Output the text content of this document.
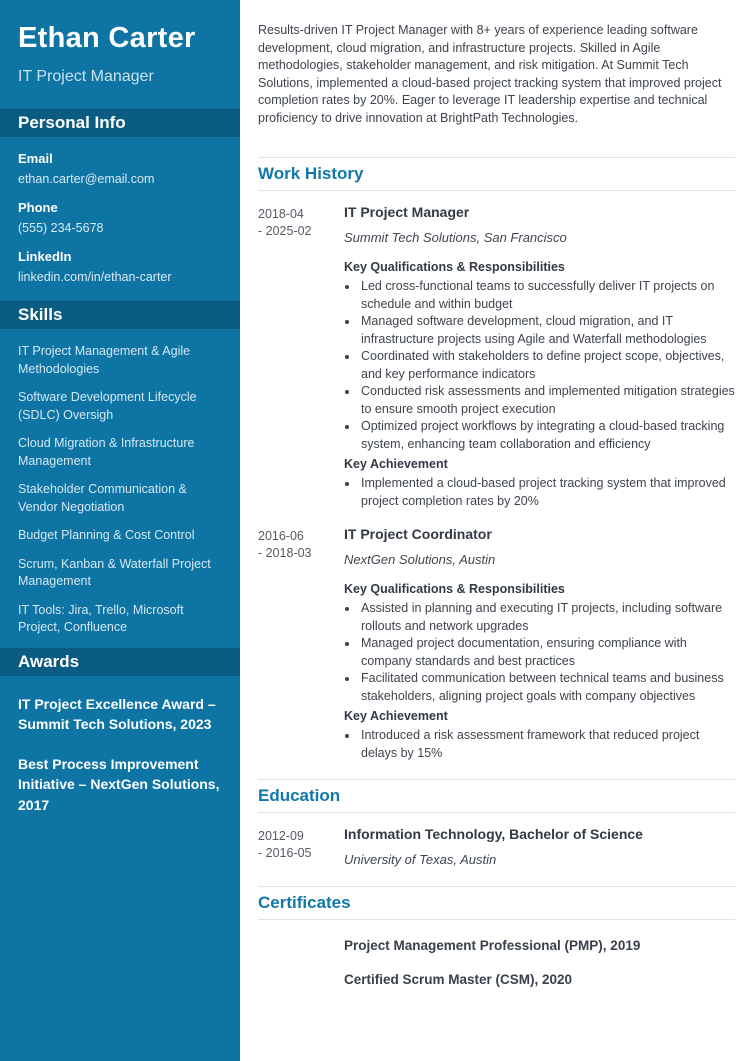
Ethan Carter
IT Project Manager
Personal Info
Email
ethan.carter@email.com
Phone
(555) 234-5678
LinkedIn
linkedin.com/in/ethan-carter
Skills
IT Project Management & Agile Methodologies
Software Development Lifecycle (SDLC) Oversigh
Cloud Migration & Infrastructure Management
Stakeholder Communication & Vendor Negotiation
Budget Planning & Cost Control
Scrum, Kanban & Waterfall Project Management
IT Tools: Jira, Trello, Microsoft Project, Confluence
Awards
IT Project Excellence Award – Summit Tech Solutions, 2023
Best Process Improvement Initiative – NextGen Solutions, 2017

Results-driven IT Project Manager with 8+ years of experience leading software development, cloud migration, and infrastructure projects. Skilled in Agile methodologies, stakeholder management, and risk mitigation. At Summit Tech Solutions, implemented a cloud-based project tracking system that improved project completion rates by 20%. Eager to leverage IT leadership expertise and technical proficiency to drive innovation at BrightPath Technologies.

Work History
2018-04
- 2025-02
IT Project Manager
Summit Tech Solutions, San Francisco
Key Qualifications & Responsibilities
• Led cross-functional teams to successfully deliver IT projects on schedule and within budget
• Managed software development, cloud migration, and IT infrastructure projects using Agile and Waterfall methodologies
• Coordinated with stakeholders to define project scope, objectives, and key performance indicators
• Conducted risk assessments and implemented mitigation strategies to ensure smooth project execution
• Optimized project workflows by integrating a cloud-based tracking system, enhancing team collaboration and efficiency
Key Achievement
• Implemented a cloud-based project tracking system that improved project completion rates by 20%
2016-06
- 2018-03
IT Project Coordinator
NextGen Solutions, Austin
Key Qualifications & Responsibilities
• Assisted in planning and executing IT projects, including software rollouts and network upgrades
• Managed project documentation, ensuring compliance with company standards and best practices
• Facilitated communication between technical teams and business stakeholders, aligning project goals with company objectives
Key Achievement
• Introduced a risk assessment framework that reduced project delays by 15%
Education
2012-09
- 2016-05
Information Technology, Bachelor of Science
University of Texas, Austin
Certificates
Project Management Professional (PMP), 2019
Certified Scrum Master (CSM), 2020
